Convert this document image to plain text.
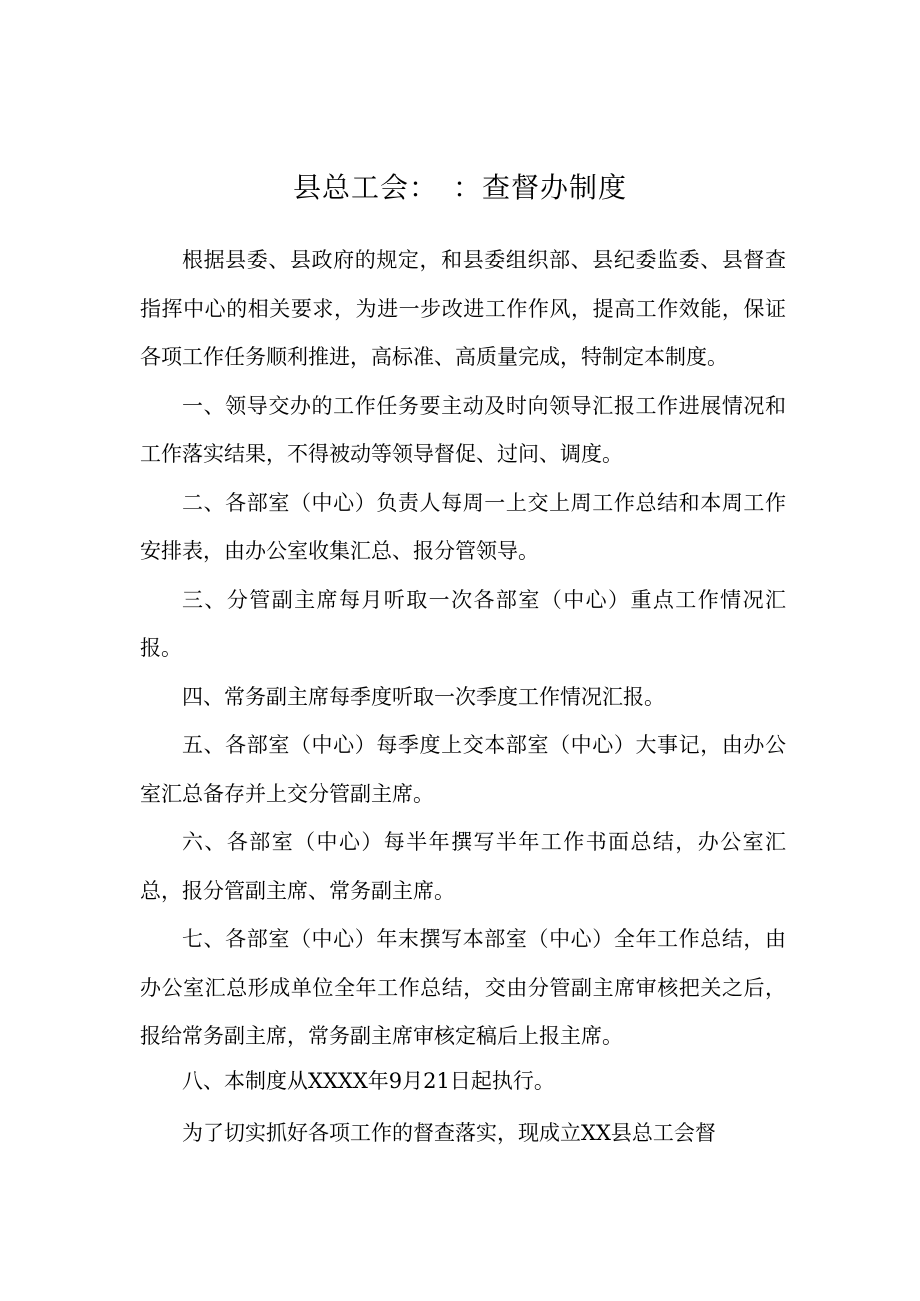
县总工会：　：查督办制度

根据县委、县政府的规定，和县委组织部、县纪委监委、县督查指挥中心的相关要求，为进一步改进工作作风，提高工作效能，保证各项工作任务顺利推进，高标准、高质量完成，特制定本制度。

一、领导交办的工作任务要主动及时向领导汇报工作进展情况和工作落实结果，不得被动等领导督促、过问、调度。

二、各部室（中心）负责人每周一上交上周工作总结和本周工作安排表，由办公室收集汇总、报分管领导。

三、分管副主席每月听取一次各部室（中心）重点工作情况汇报。

四、常务副主席每季度听取一次季度工作情况汇报。

五、各部室（中心）每季度上交本部室（中心）大事记，由办公室汇总备存并上交分管副主席。

六、各部室（中心）每半年撰写半年工作书面总结，办公室汇总，报分管副主席、常务副主席。

七、各部室（中心）年末撰写本部室（中心）全年工作总结，由办公室汇总形成单位全年工作总结，交由分管副主席审核把关之后，报给常务副主席，常务副主席审核定稿后上报主席。

八、本制度从XXXX年9月21日起执行。

为了切实抓好各项工作的督查落实，现成立XX县总工会督
